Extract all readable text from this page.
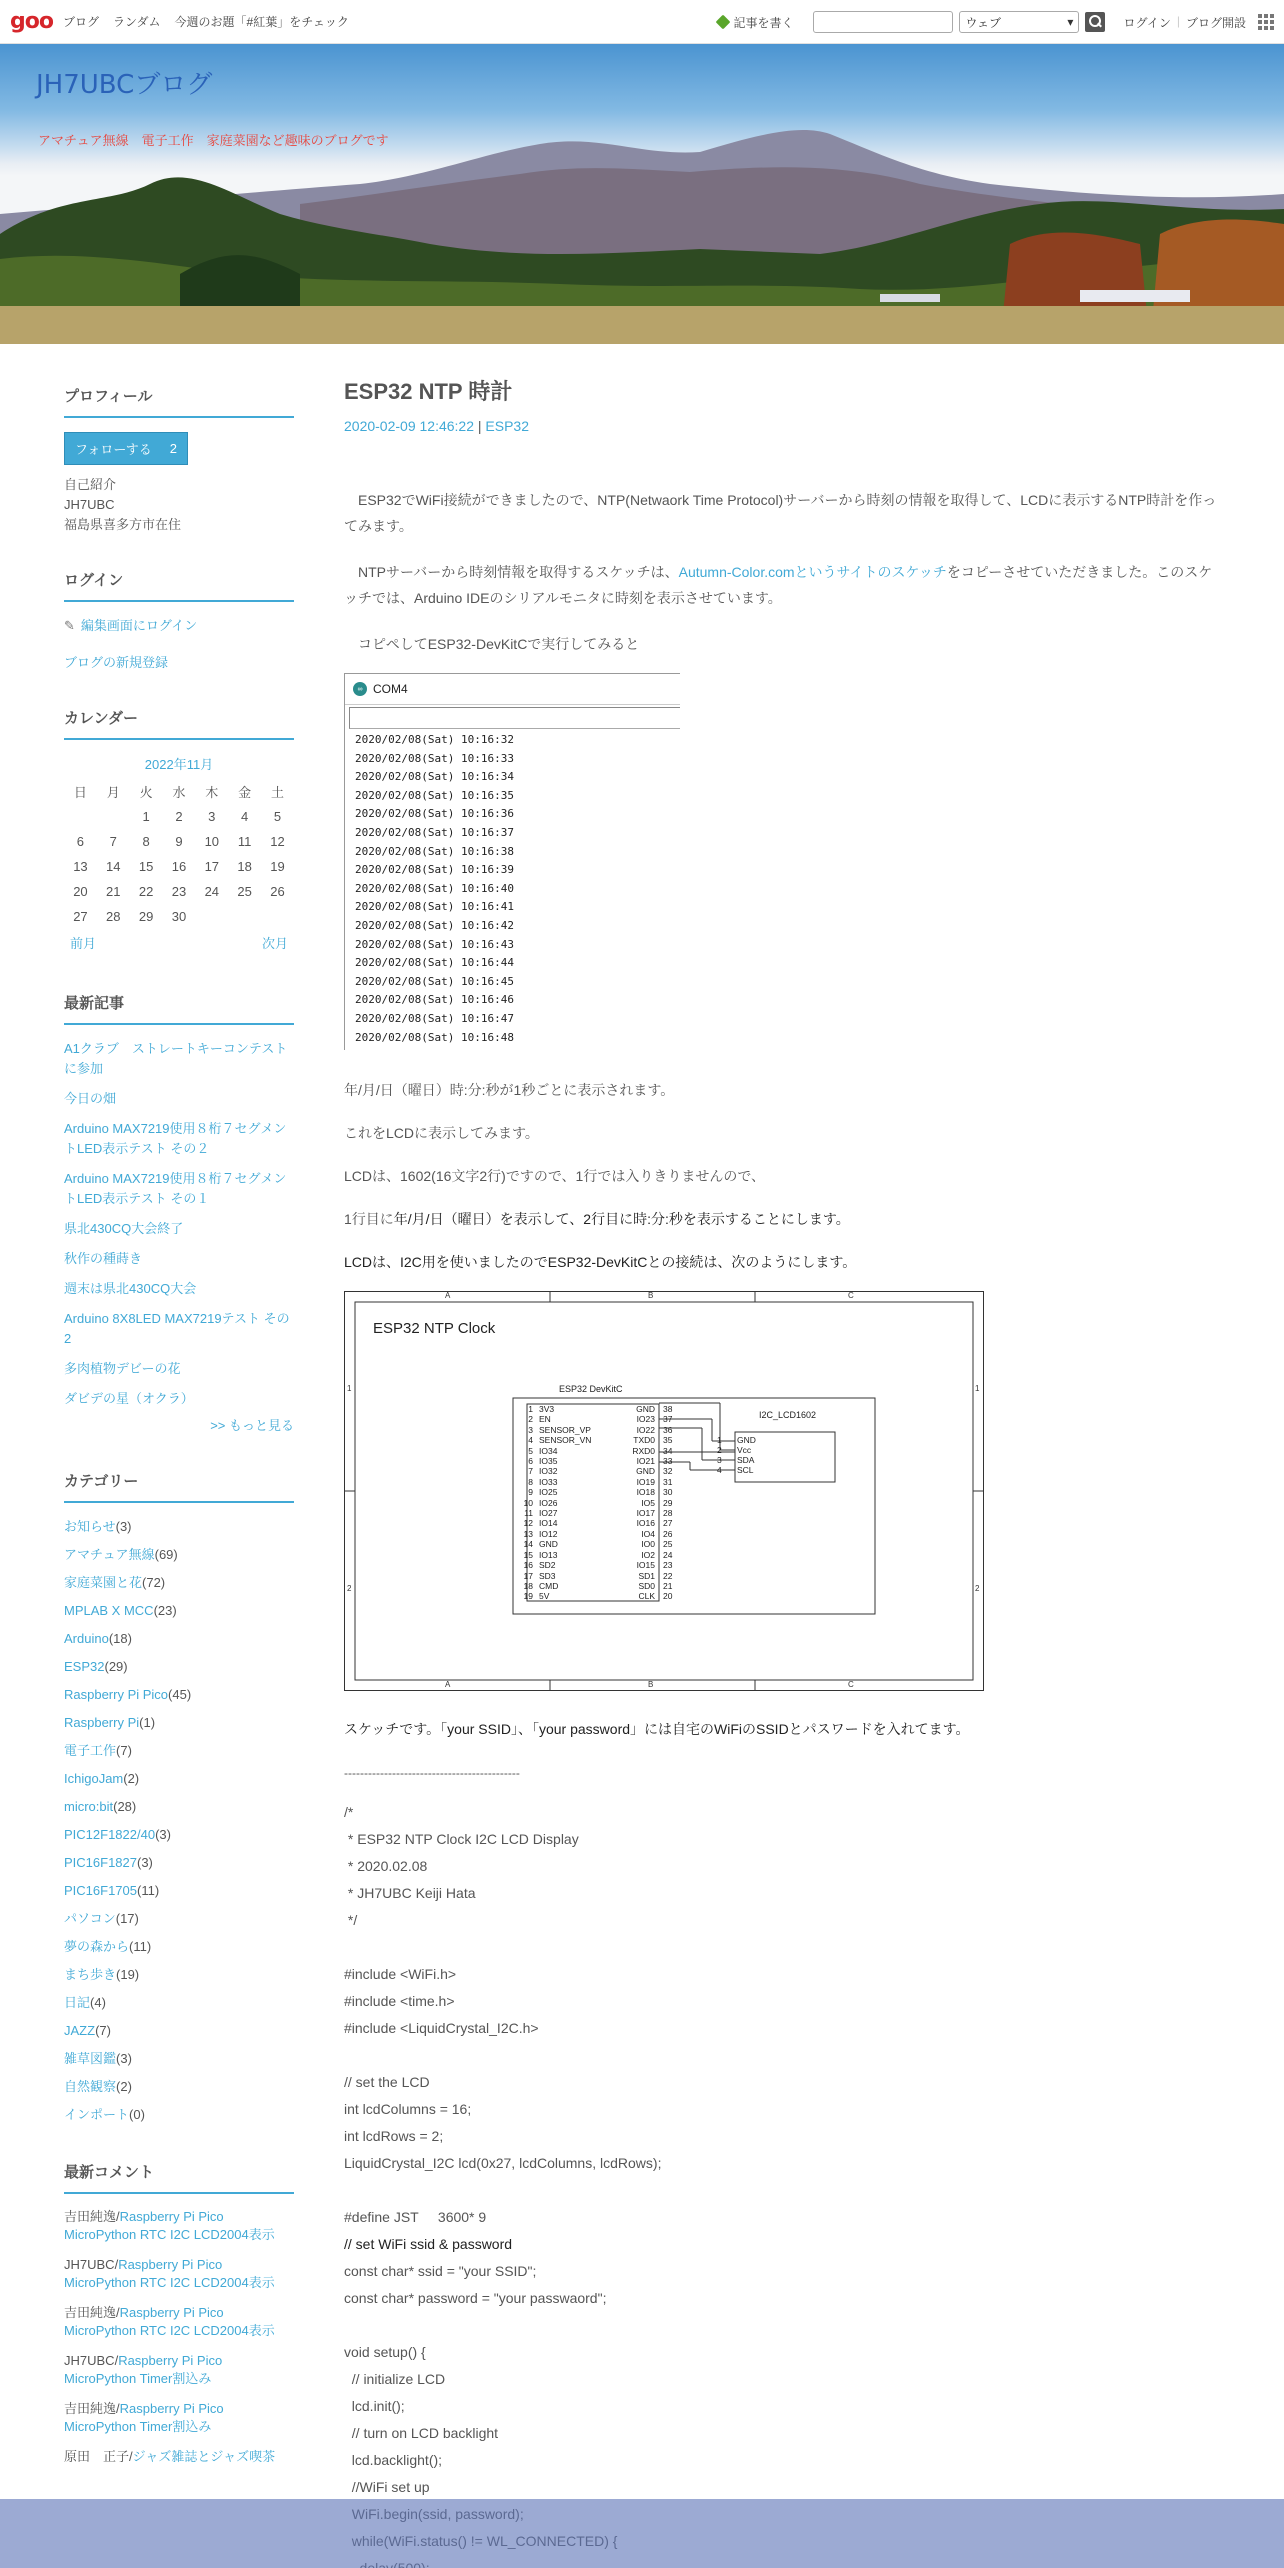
goo ブログ ランダム 今週のお題「#紅葉」をチェック	記事を書く	ウェブ	▾	ログイン | ブログ開設
JH7UBCブログ
アマチュア無線　電子工作　家庭菜園など趣味のブログです
プロフィール
フォローする 2
自己紹介
JH7UBC
福島県喜多方市在住
ログイン
✎ 編集画面にログイン
ブログの新規登録
カレンダー
2022年11月
日	月	火	水	木	金	土
		1	2	3	4	5
6	7	8	9	10	11	12
13	14	15	16	17	18	19
20	21	22	23	24	25	26
27	28	29	30			
前月	次月
最新記事
A1クラブ　ストレートキーコンテストに参加
今日の畑
Arduino MAX7219使用８桁７セグメントLED表示テスト その２
Arduino MAX7219使用８桁７セグメントLED表示テスト その１
県北430CQ大会終了
秋作の種蒔き
週末は県北430CQ大会
Arduino 8X8LED MAX7219テスト その2
多肉植物デビーの花
ダビデの星（オクラ）
>> もっと見る
カテゴリー
お知らせ(3)
アマチュア無線(69)
家庭菜園と花(72)
MPLAB X MCC(23)
Arduino(18)
ESP32(29)
Raspberry Pi Pico(45)
Raspberry Pi(1)
電子工作(7)
IchigoJam(2)
micro:bit(28)
PIC12F1822/40(3)
PIC16F1827(3)
PIC16F1705(11)
パソコン(17)
夢の森から(11)
まち歩き(19)
日記(4)
JAZZ(7)
雑草図鑑(3)
自然観察(2)
インポート(0)
最新コメント
吉田純逸/Raspberry Pi Pico MicroPython RTC I2C LCD2004表示
JH7UBC/Raspberry Pi Pico MicroPython RTC I2C LCD2004表示
吉田純逸/Raspberry Pi Pico MicroPython RTC I2C LCD2004表示
JH7UBC/Raspberry Pi Pico MicroPython Timer割込み
吉田純逸/Raspberry Pi Pico MicroPython Timer割込み
原田　正子/ジャズ雑誌とジャズ喫茶
ESP32 NTP 時計
2020-02-09 12:46:22 | ESP32
　ESP32でWiFi接続ができましたので、NTP(Netwaork Time Protocol)サーバーから時刻の情報を取得して、LCDに表示するNTP時計を作ってみます。
　NTPサーバーから時刻情報を取得するスケッチは、Autumn-Color.comというサイトのスケッチをコピーさせていただきました。このスケッチでは、Arduino IDEのシリアルモニタに時刻を表示させています。
　コピペしてESP32-DevKitCで実行してみると
∞ COM4
2020/02/08(Sat) 10:16:32
2020/02/08(Sat) 10:16:33
2020/02/08(Sat) 10:16:34
2020/02/08(Sat) 10:16:35
2020/02/08(Sat) 10:16:36
2020/02/08(Sat) 10:16:37
2020/02/08(Sat) 10:16:38
2020/02/08(Sat) 10:16:39
2020/02/08(Sat) 10:16:40
2020/02/08(Sat) 10:16:41
2020/02/08(Sat) 10:16:42
2020/02/08(Sat) 10:16:43
2020/02/08(Sat) 10:16:44
2020/02/08(Sat) 10:16:45
2020/02/08(Sat) 10:16:46
2020/02/08(Sat) 10:16:47
2020/02/08(Sat) 10:16:48
年/月/日（曜日）時:分:秒が1秒ごとに表示されます。
これをLCDに表示してみます。
LCDは、1602(16文字2行)ですので、1行では入りきりませんので、
1行目に年/月/日（曜日）を表示して、2行目に時:分:秒を表示することにします。
LCDは、I2C用を使いましたのでESP32-DevKitCとの接続は、次のようにします。
A	B	C
A	B	C
1
2
1
2
ESP32 NTP Clock
ESP32 DevKitC
I2C_LCD1602
1 3V3
2 EN
3 SENSOR_VP
4 SENSOR_VN
5 IO34
6 IO35
7 IO32
8 IO33
9 IO25
10 IO26
11 IO27
12 IO14
13 IO12
14 GND
15 IO13
16 SD2
17 SD3
18 CMD
19 5V
GND 38
IO23 37
IO22 36
TXD0 35
RXD0 34
IO21 33
GND 32
IO19 31
IO18 30
IO5 29
IO17 28
IO16 27
IO4 26
IO0 25
IO2 24
IO15 23
SD1 22
SD0 21
CLK 20
1 GND
2 Vcc
3 SDA
4 SCL
スケッチです。「your SSID」、「your password」には自宅のWiFiのSSIDとパスワードを入れてます。
--------------------------------------------
/*
* ESP32 NTP Clock I2C LCD Display
* 2020.02.08
* JH7UBC Keiji Hata
*/

#include <WiFi.h>
#include <time.h>
#include <LiquidCrystal_I2C.h>

// set the LCD
int lcdColumns = 16;
int lcdRows = 2;
LiquidCrystal_I2C lcd(0x27, lcdColumns, lcdRows);

#define JST     3600* 9
// set WiFi ssid & password
const char* ssid = "your SSID";
const char* password = "your passwaord";

void setup() {
// initialize LCD
lcd.init();
// turn on LCD backlight
lcd.backlight();
//WiFi set up
